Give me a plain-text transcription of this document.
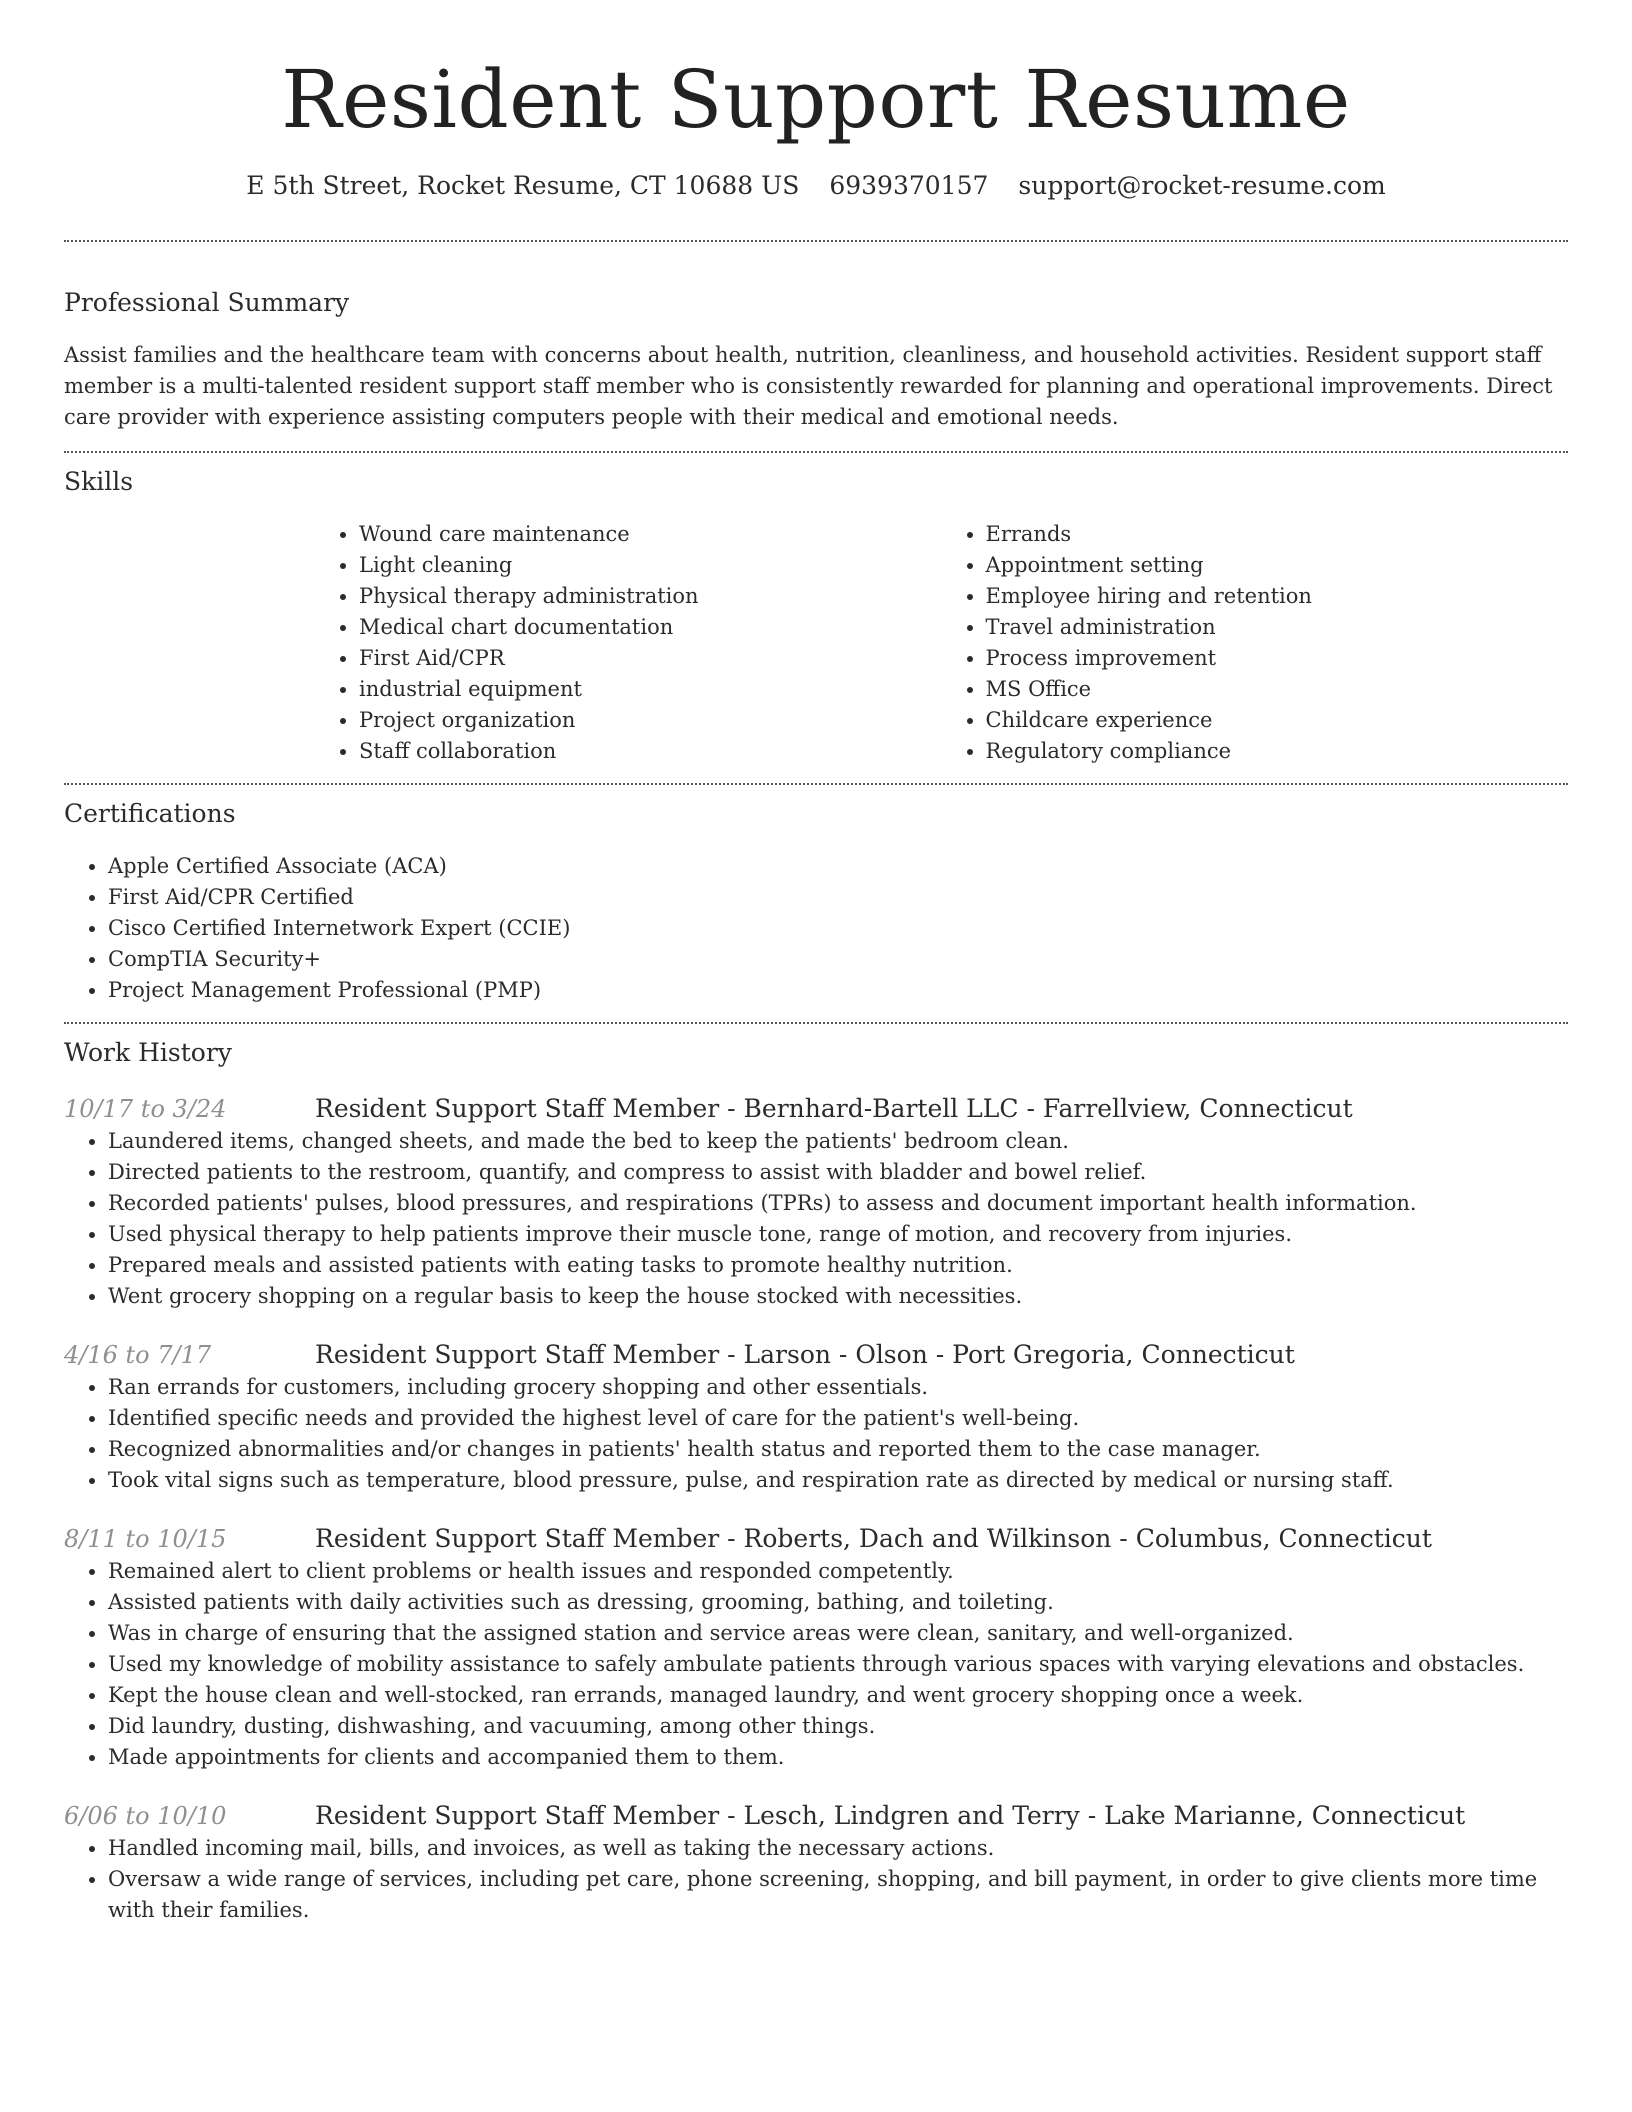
Resident Support Resume
E 5th Street, Rocket Resume, CT 10688 US 6939370157 support@rocket-resume.com
Professional Summary

Assist families and the healthcare team with concerns about health, nutrition, cleanliness, and household activities. Resident support staff member is a multi-talented resident support staff member who is consistently rewarded for planning and operational improvements. Direct care provider with experience assisting computers people with their medical and emotional needs.

Skills
• Wound care maintenance
• Light cleaning
• Physical therapy administration
• Medical chart documentation
• First Aid/CPR
• industrial equipment
• Project organization
• Staff collaboration
• Errands
• Appointment setting
• Employee hiring and retention
• Travel administration
• Process improvement
• MS Office
• Childcare experience
• Regulatory compliance
Certifications
• Apple Certified Associate (ACA)
• First Aid/CPR Certified
• Cisco Certified Internetwork Expert (CCIE)
• CompTIA Security+
• Project Management Professional (PMP)
Work History
10/17 to 3/24	Resident Support Staff Member - Bernhard-Bartell LLC - Farrellview, Connecticut
• Laundered items, changed sheets, and made the bed to keep the patients' bedroom clean.
• Directed patients to the restroom, quantify, and compress to assist with bladder and bowel relief.
• Recorded patients' pulses, blood pressures, and respirations (TPRs) to assess and document important health information.
• Used physical therapy to help patients improve their muscle tone, range of motion, and recovery from injuries.
• Prepared meals and assisted patients with eating tasks to promote healthy nutrition.
• Went grocery shopping on a regular basis to keep the house stocked with necessities.
4/16 to 7/17	Resident Support Staff Member - Larson - Olson - Port Gregoria, Connecticut
• Ran errands for customers, including grocery shopping and other essentials.
• Identified specific needs and provided the highest level of care for the patient's well-being.
• Recognized abnormalities and/or changes in patients' health status and reported them to the case manager.
• Took vital signs such as temperature, blood pressure, pulse, and respiration rate as directed by medical or nursing staff.
8/11 to 10/15	Resident Support Staff Member - Roberts, Dach and Wilkinson - Columbus, Connecticut
• Remained alert to client problems or health issues and responded competently.
• Assisted patients with daily activities such as dressing, grooming, bathing, and toileting.
• Was in charge of ensuring that the assigned station and service areas were clean, sanitary, and well-organized.
• Used my knowledge of mobility assistance to safely ambulate patients through various spaces with varying elevations and obstacles.
• Kept the house clean and well-stocked, ran errands, managed laundry, and went grocery shopping once a week.
• Did laundry, dusting, dishwashing, and vacuuming, among other things.
• Made appointments for clients and accompanied them to them.
6/06 to 10/10	Resident Support Staff Member - Lesch, Lindgren and Terry - Lake Marianne, Connecticut
• Handled incoming mail, bills, and invoices, as well as taking the necessary actions.
• Oversaw a wide range of services, including pet care, phone screening, shopping, and bill payment, in order to give clients more time with their families.
